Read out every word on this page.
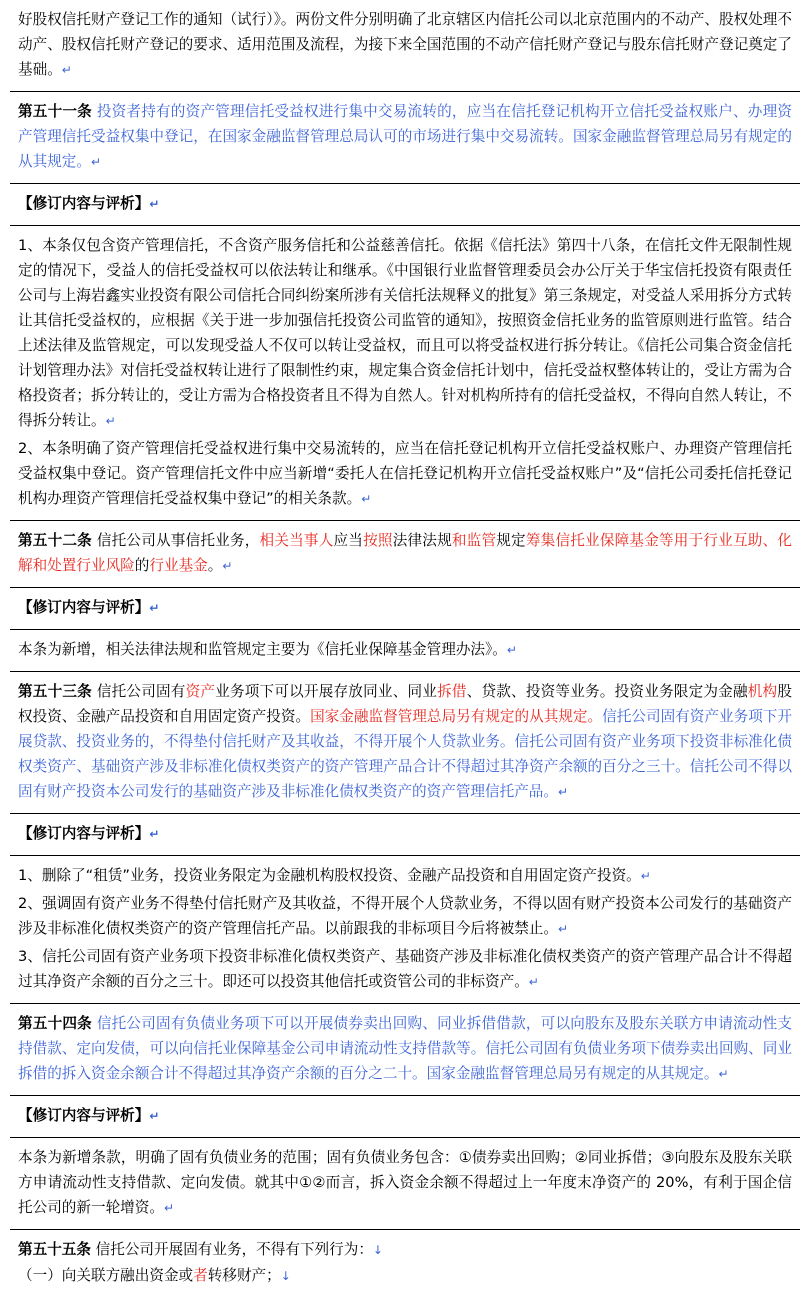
好股权信托财产登记工作的通知（试行）》。两份文件分别明确了北京辖区内信托公司以北京范围内的不动产、股权处理不动产、股权信托财产登记的要求、适用范围及流程，为接下来全国范围的不动产信托财产登记与股东信托财产登记奠定了基础。↵

第五十一条 投资者持有的资产管理信托受益权进行集中交易流转的，应当在信托登记机构开立信托受益权账户、办理资产管理信托受益权集中登记，在国家金融监督管理总局认可的市场进行集中交易流转。国家金融监督管理总局另有规定的从其规定。↵

【修订内容与评析】↵

1、本条仅包含资产管理信托，不含资产服务信托和公益慈善信托。依据《信托法》第四十八条，在信托文件无限制性规定的情况下，受益人的信托受益权可以依法转让和继承。《中国银行业监督管理委员会办公厅关于华宝信托投资有限责任公司与上海岩鑫实业投资有限公司信托合同纠纷案所涉有关信托法规释义的批复》第三条规定，对受益人采用拆分方式转让其信托受益权的，应根据《关于进一步加强信托投资公司监管的通知》，按照资金信托业务的监管原则进行监管。结合上述法律及监管规定，可以发现受益人不仅可以转让受益权，而且可以将受益权进行拆分转让。《信托公司集合资金信托计划管理办法》对信托受益权转让进行了限制性约束，规定集合资金信托计划中，信托受益权整体转让的，受让方需为合格投资者；拆分转让的，受让方需为合格投资者且不得为自然人。针对机构所持有的信托受益权，不得向自然人转让，不得拆分转让。↵

2、本条明确了资产管理信托受益权进行集中交易流转的，应当在信托登记机构开立信托受益权账户、办理资产管理信托受益权集中登记。资产管理信托文件中应当新增“委托人在信托登记机构开立信托受益权账户”及“信托公司委托信托登记机构办理资产管理信托受益权集中登记”的相关条款。↵

第五十二条 信托公司从事信托业务，相关当事人应当按照法律法规和监管规定筹集信托业保障基金等用于行业互助、化解和处置行业风险的行业基金。↵

【修订内容与评析】↵

本条为新增，相关法律法规和监管规定主要为《信托业保障基金管理办法》。↵

第五十三条 信托公司固有资产业务项下可以开展存放同业、同业拆借、贷款、投资等业务。投资业务限定为金融机构股权投资、金融产品投资和自用固定资产投资。国家金融监督管理总局另有规定的从其规定。信托公司固有资产业务项下开展贷款、投资业务的，不得垫付信托财产及其收益，不得开展个人贷款业务。信托公司固有资产业务项下投资非标准化债权类资产、基础资产涉及非标准化债权类资产的资产管理产品合计不得超过其净资产余额的百分之三十。信托公司不得以固有财产投资本公司发行的基础资产涉及非标准化债权类资产的资产管理信托产品。↵

【修订内容与评析】↵

1、删除了“租赁”业务，投资业务限定为金融机构股权投资、金融产品投资和自用固定资产投资。↵

2、强调固有资产业务不得垫付信托财产及其收益，不得开展个人贷款业务，不得以固有财产投资本公司发行的基础资产涉及非标准化债权类资产的资产管理信托产品。以前跟我的非标项目今后将被禁止。↵

3、信托公司固有资产业务项下投资非标准化债权类资产、基础资产涉及非标准化债权类资产的资产管理产品合计不得超过其净资产余额的百分之三十。即还可以投资其他信托或资管公司的非标资产。↵

第五十四条 信托公司固有负债业务项下可以开展债券卖出回购、同业拆借借款，可以向股东及股东关联方申请流动性支持借款、定向发债，可以向信托业保障基金公司申请流动性支持借款等。信托公司固有负债业务项下债券卖出回购、同业拆借的拆入资金余额合计不得超过其净资产余额的百分之二十。国家金融监督管理总局另有规定的从其规定。↵

【修订内容与评析】↵

本条为新增条款，明确了固有负债业务的范围；固有负债业务包含：①债券卖出回购；②同业拆借；③向股东及股东关联方申请流动性支持借款、定向发债。就其中①②而言，拆入资金余额不得超过上一年度末净资产的 20%，有利于国企信托公司的新一轮增资。↵

第五十五条 信托公司开展固有业务，不得有下列行为：↓

（一）向关联方融出资金或者转移财产；↓
